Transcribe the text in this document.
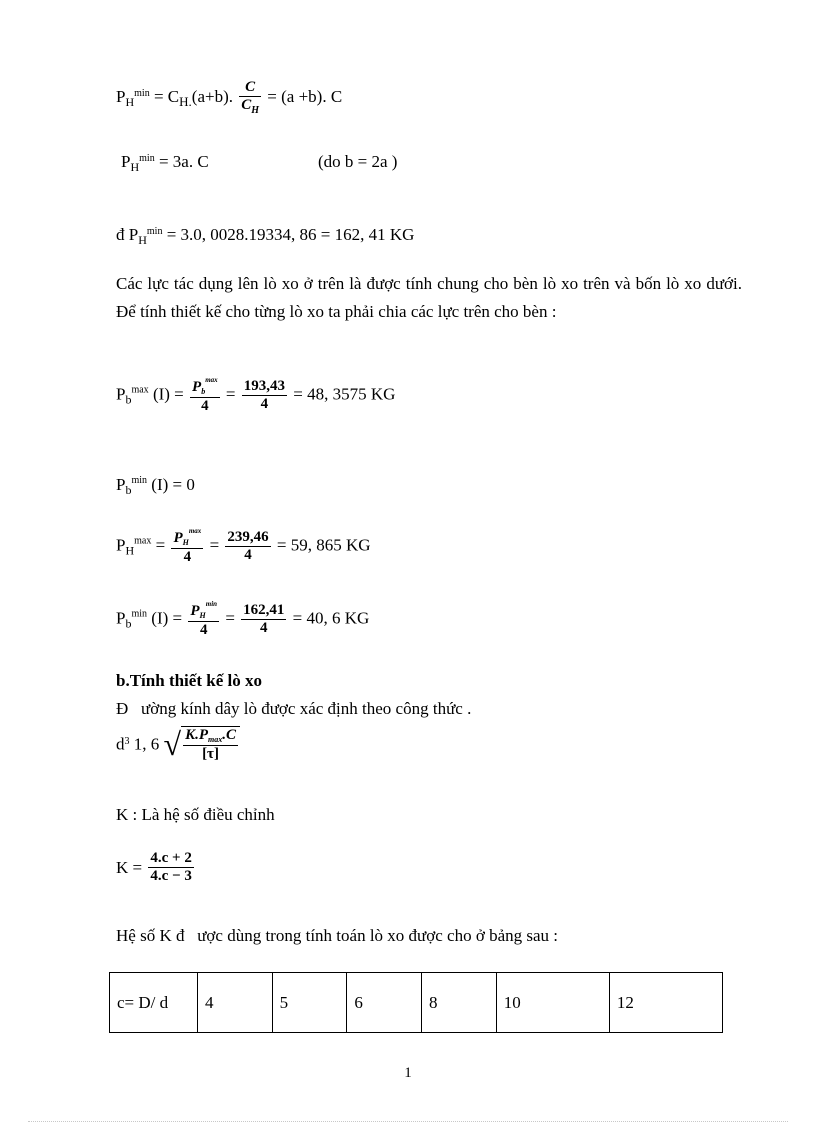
$P_H^{min} = C_{H.}(a+b)$. $\frac{C}{C_H} = (a +b)$. C
$P_H^{min} = 3a$. C	(do b = 2a )
đ $P_H^{min} = 3.0$, 0028.19334, 86 = 162, 41 KG
Các lực tác dụng lên lò xo ở trên là được tính chung cho bèn lò xo trên và bốn lò xo dưới. Để tính thiết kế cho từng lò xo ta phải chia các lực trên cho bèn :
$P_b^{max}$ $(I) = \frac{P_b^{max}}{4} = \frac{193,43}{4} = 48$, 3575 KG
$P_b^{min}$ (I) = 0
$P_H^{max} = \frac{P_H^{max}}{4} = \frac{239,46}{4} = 59$, 865 KG
$P_b^{min}$ $(I) = \frac{P_H^{min}}{4} = \frac{162,41}{4} = 40$, 6 KG
b.Tính thiết kế lò xo
Đ   ường kính dây lò được xác định theo công thức .
$d^3$ 1, 6 √ $\frac{K.P_{max}.C}{[\tau]}$
K : Là hệ số điều chỉnh
$K = \frac{4.c + 2}{4.c - 3}$
Hệ số K đ   ược dùng trong tính toán lò xo được cho ở bảng sau :
c= D/ d	4	5	6	8	10	12
1
